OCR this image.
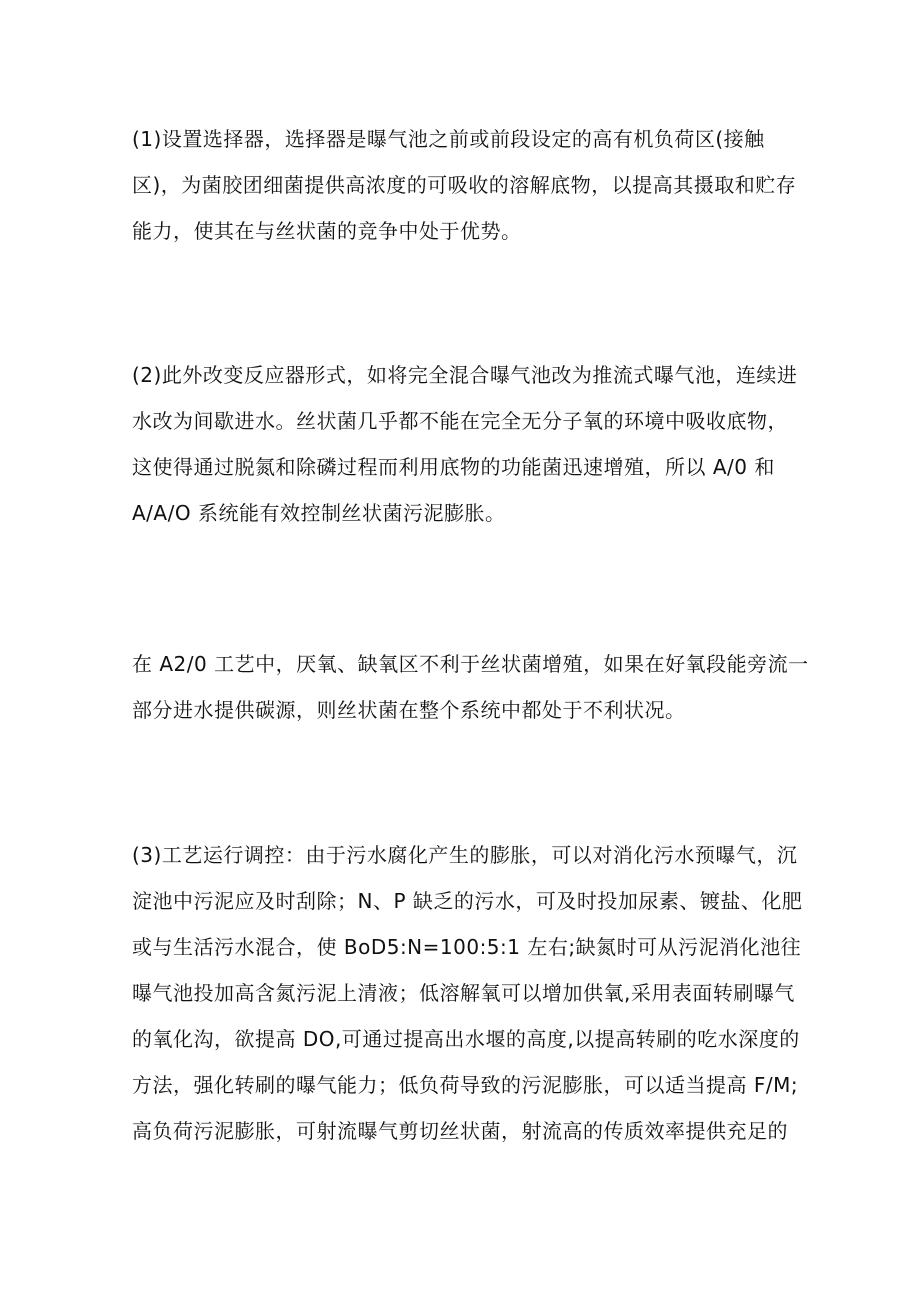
(1)设置选择器，选择器是曝气池之前或前段设定的高有机负荷区(接触
区)，为菌胶团细菌提供高浓度的可吸收的溶解底物，以提高其摄取和贮存
能力，使其在与丝状菌的竞争中处于优势。
(2)此外改变反应器形式，如将完全混合曝气池改为推流式曝气池，连续进
水改为间歇进水。丝状菌几乎都不能在完全无分子氧的环境中吸收底物，
这使得通过脱氮和除磷过程而利用底物的功能菌迅速增殖，所以 A/0 和
A/A/O 系统能有效控制丝状菌污泥膨胀。
在 A2/0 工艺中，厌氧、缺氧区不利于丝状菌增殖，如果在好氧段能旁流一
部分进水提供碳源，则丝状菌在整个系统中都处于不利状况。
(3)工艺运行调控：由于污水腐化产生的膨胀，可以对消化污水预曝气，沉
淀池中污泥应及时刮除；N、P 缺乏的污水，可及时投加尿素、镀盐、化肥
或与生活污水混合，使 BoD5:N=100:5:1 左右;缺氮时可从污泥消化池往
曝气池投加高含氮污泥上清液；低溶解氧可以增加供氧,采用表面转刷曝气
的氧化沟，欲提高 DO,可通过提高出水堰的高度,以提高转刷的吃水深度的
方法，强化转刷的曝气能力；低负荷导致的污泥膨胀，可以适当提高 F/M;
高负荷污泥膨胀，可射流曝气剪切丝状菌，射流高的传质效率提供充足的
